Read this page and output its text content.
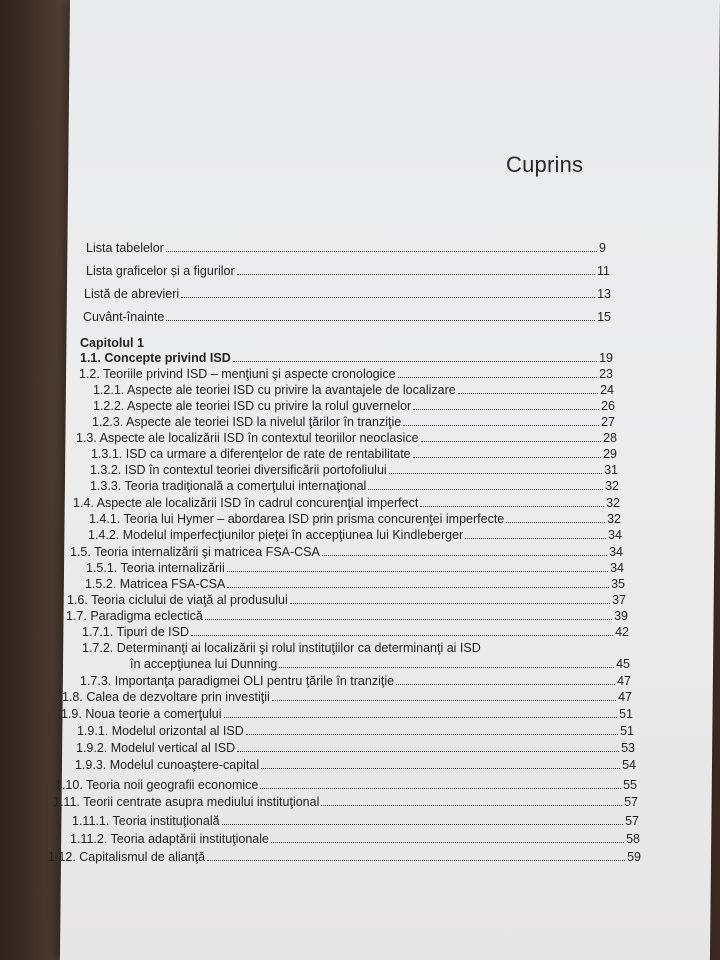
Cuprins
Lista tabelelor	9
Lista graficelor și a figurilor	11
Listă de abrevieri	13
Cuvânt-înainte	15
Capitolul 1
1.1. Concepte privind ISD	19
1.2. Teoriile privind ISD – menţiuni şi aspecte cronologice	23
1.2.1. Aspecte ale teoriei ISD cu privire la avantajele de localizare	24
1.2.2. Aspecte ale teoriei ISD cu privire la rolul guvernelor	26
1.2.3. Aspecte ale teoriei ISD la nivelul ţărilor în tranziţie	27
1.3. Aspecte ale localizării ISD în contextul teoriilor neoclasice	28
1.3.1. ISD ca urmare a diferenţelor de rate de rentabilitate	29
1.3.2. ISD în contextul teoriei diversificării portofoliului	31
1.3.3. Teoria tradiţională a comerţului internaţional	32
1.4. Aspecte ale localizării ISD în cadrul concurenţial imperfect	32
1.4.1. Teoria lui Hymer – abordarea ISD prin prisma concurenţei imperfecte	32
1.4.2. Modelul imperfecţiunilor pieţei în accepţiunea lui Kindleberger	34
1.5. Teoria internalizării şi matricea FSA-CSA	34
1.5.1. Teoria internalizării	34
1.5.2. Matricea FSA-CSA	35
1.6. Teoria ciclului de viaţă al produsului	37
1.7. Paradigma eclectică	39
1.7.1. Tipuri de ISD	42
1.7.2. Determinanţi ai localizării şi rolul instituţiilor ca determinanţi ai ISD
în accepţiunea lui Dunning	45
1.7.3. Importanţa paradigmei OLI pentru ţările în tranziţie	47
1.8. Calea de dezvoltare prin investiţii	47
1.9. Noua teorie a comerţului	51
1.9.1. Modelul orizontal al ISD	51
1.9.2. Modelul vertical al ISD	53
1.9.3. Modelul cunoaştere-capital	54
1.10. Teoria noii geografii economice	55
1.11. Teorii centrate asupra mediului instituţional	57
1.11.1. Teoria instituţională	57
1.11.2. Teoria adaptării instituţionale	58
1.12. Capitalismul de alianţă	59
